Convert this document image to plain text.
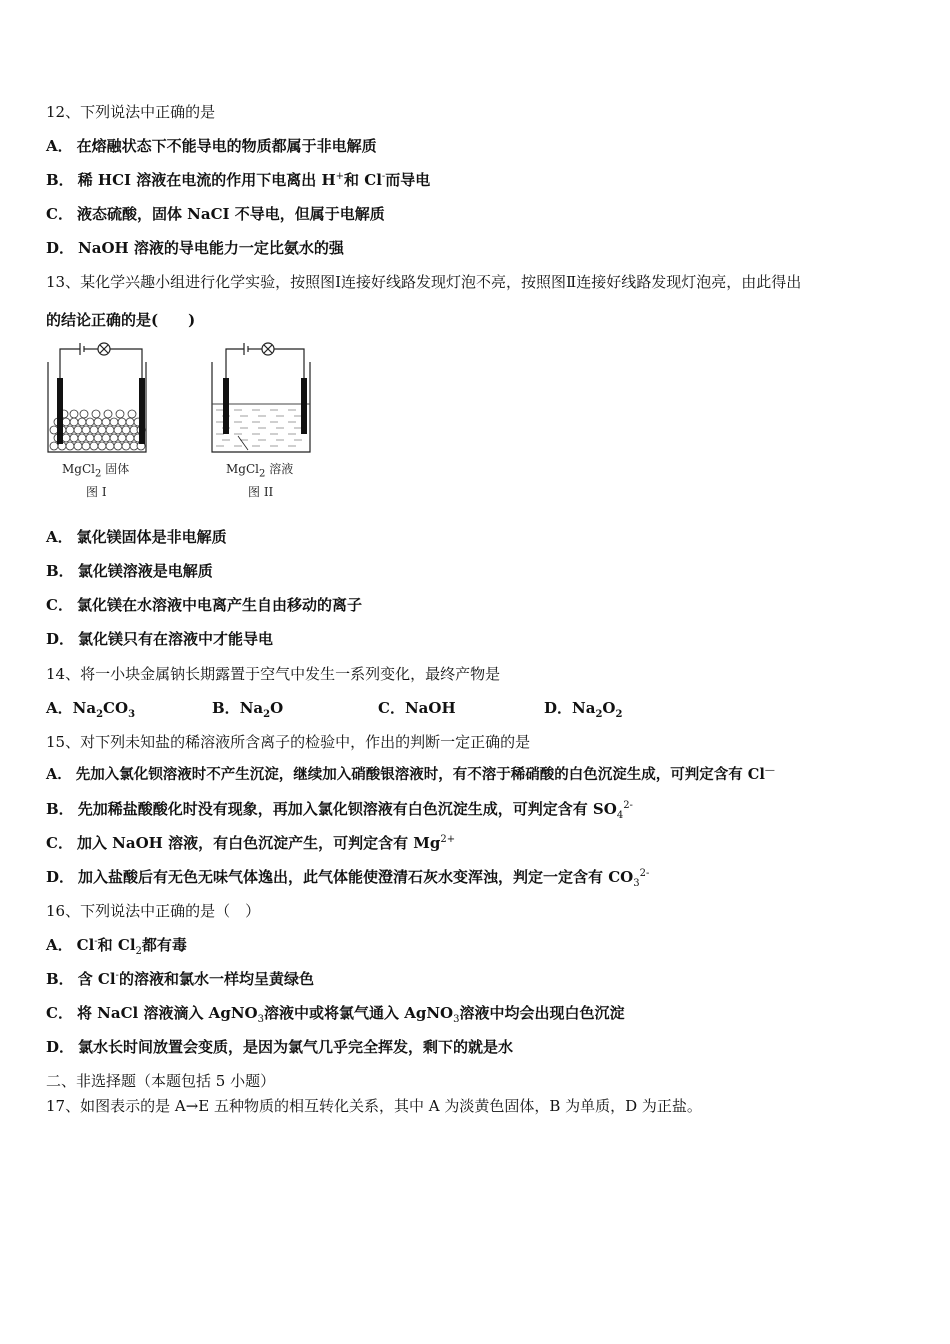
12、下列说法中正确的是
A． 在熔融状态下不能导电的物质都属于非电解质
B． 稀 HCI 溶液在电流的作用下电离出 H+和 Cl-而导电
C． 液态硫酸，固体 NaCI 不导电，但属于电解质
D． NaOH 溶液的导电能力一定比氨水的强
13、某化学兴趣小组进行化学实验，按照图Ⅰ连接好线路发现灯泡不亮，按照图Ⅱ连接好线路发现灯泡亮，由此得出
的结论正确的是(　　)
MgCl$_2$ 固体
图 I
MgCl$_2$ 溶液
图 II
A． 氯化镁固体是非电解质
B． 氯化镁溶液是电解质
C． 氯化镁在水溶液中电离产生自由移动的离子
D． 氯化镁只有在溶液中才能导电
14、将一小块金属钠长期露置于空气中发生一系列变化，最终产物是
A．$Na_2CO_3$	B．$Na_2O$	C．NaOH	D．$Na_2O_2$
15、对下列未知盐的稀溶液所含离子的检验中，作出的判断一定正确的是
A． 先加入氯化钡溶液时不产生沉淀，继续加入硝酸银溶液时，有不溶于稀硝酸的白色沉淀生成，可判定含有 Cl—
B． 先加稀盐酸酸化时没有现象，再加入氯化钡溶液有白色沉淀生成，可判定含有 $SO_4^{2-}$
C． 加入 NaOH 溶液，有白色沉淀产生，可判定含有 $Mg^{2+}$
D． 加入盐酸后有无色无味气体逸出，此气体能使澄清石灰水变浑浊，判定一定含有 $CO_3^{2-}$
16、下列说法中正确的是（　）
A． Cl-和 $Cl_2$都有毒
B． 含 Cl-的溶液和氯水一样均呈黄绿色
C． 将 NaCl 溶液滴入 AgNO$_3$溶液中或将氯气通入 AgNO$_3$溶液中均会出现白色沉淀
D． 氯水长时间放置会变质，是因为氯气几乎完全挥发，剩下的就是水
二、非选择题（本题包括 5 小题）
17、如图表示的是 A→E 五种物质的相互转化关系，其中 A 为淡黄色固体，B 为单质，D 为正盐。
